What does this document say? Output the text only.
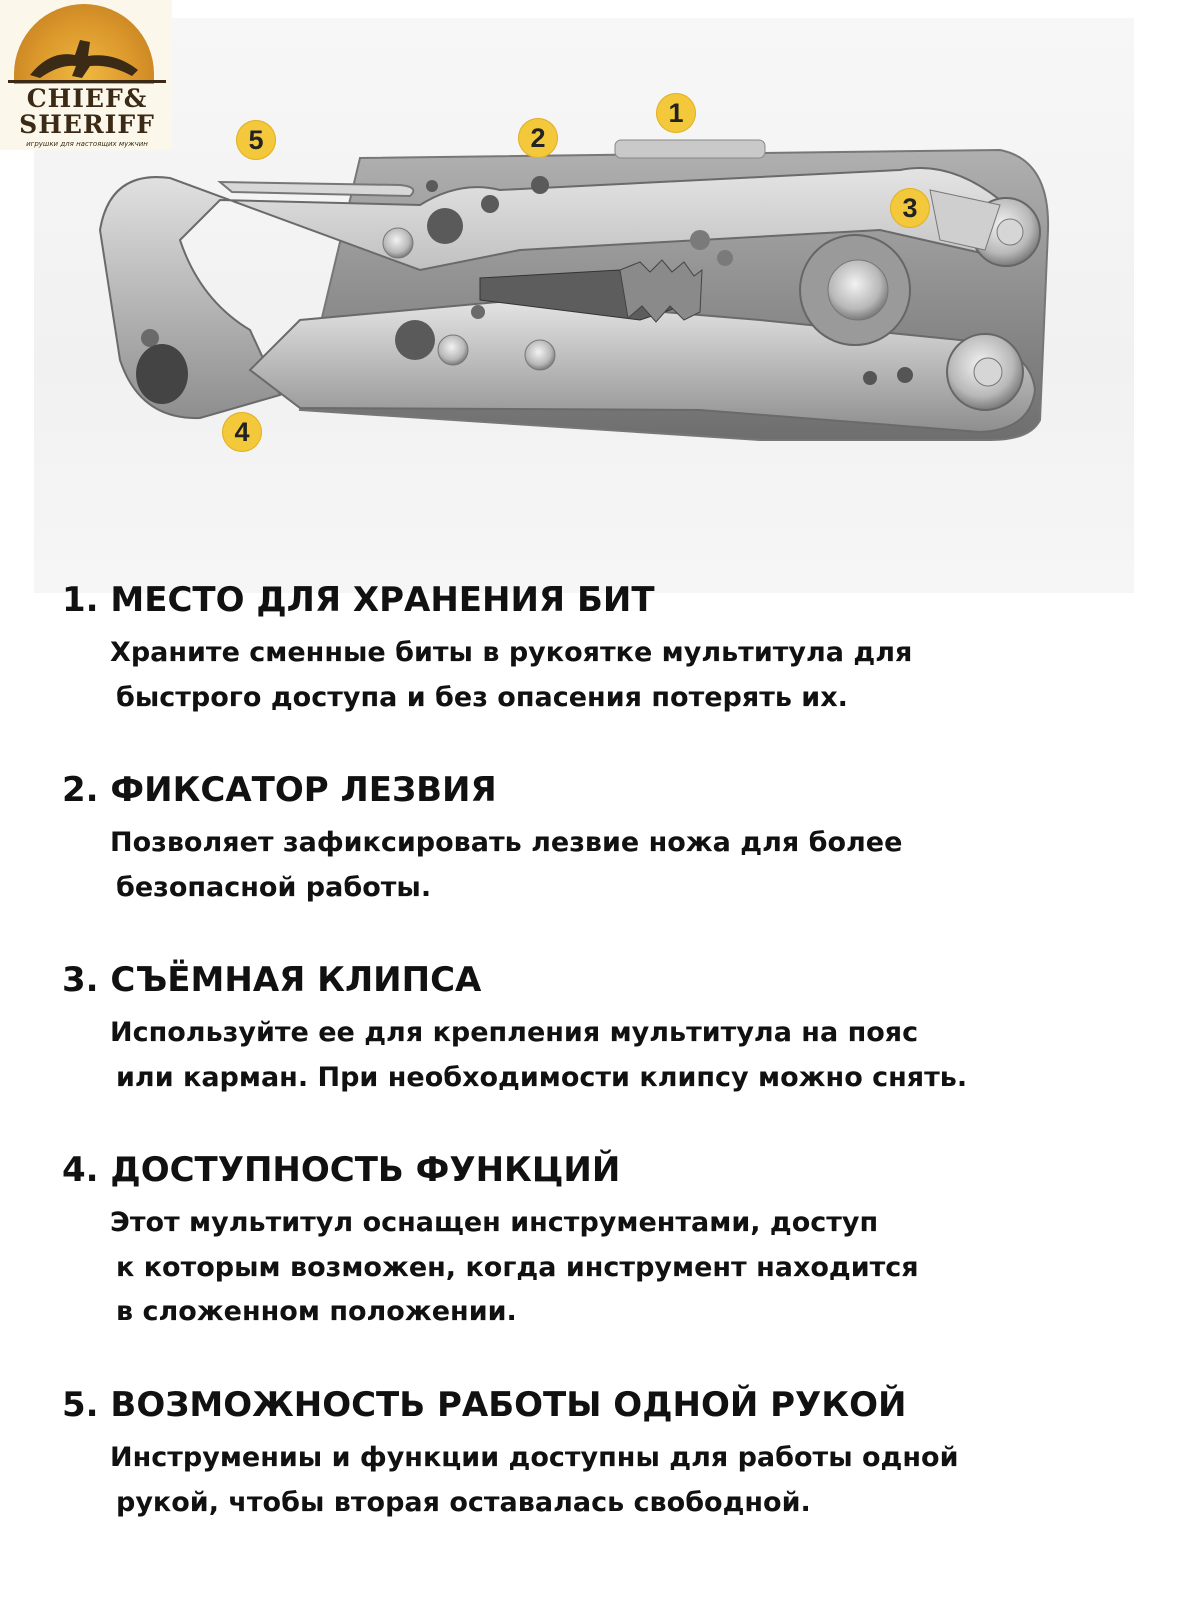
CHIEF&
SHERIFF
игрушки для настоящих мужчин
1
2
3
4
5
1. МЕСТО ДЛЯ ХРАНЕНИЯ БИТ
Храните сменные биты в рукоятке мультитула для
быстрого доступа и без опасения потерять их.
2. ФИКСАТОР ЛЕЗВИЯ
Позволяет зафиксировать лезвие ножа для более
безопасной работы.
3. СЪЁМНАЯ КЛИПСА
Используйте ее для крепления мультитула на пояс
или карман. При необходимости клипсу можно снять.
4. ДОСТУПНОСТЬ ФУНКЦИЙ
Этот мультитул оснащен инструментами, доступ
к которым возможен, когда инструмент находится
в сложенном положении.
5. ВОЗМОЖНОСТЬ РАБОТЫ ОДНОЙ РУКОЙ
Инструмениы и функции доступны для работы одной
рукой, чтобы вторая оставалась свободной.
